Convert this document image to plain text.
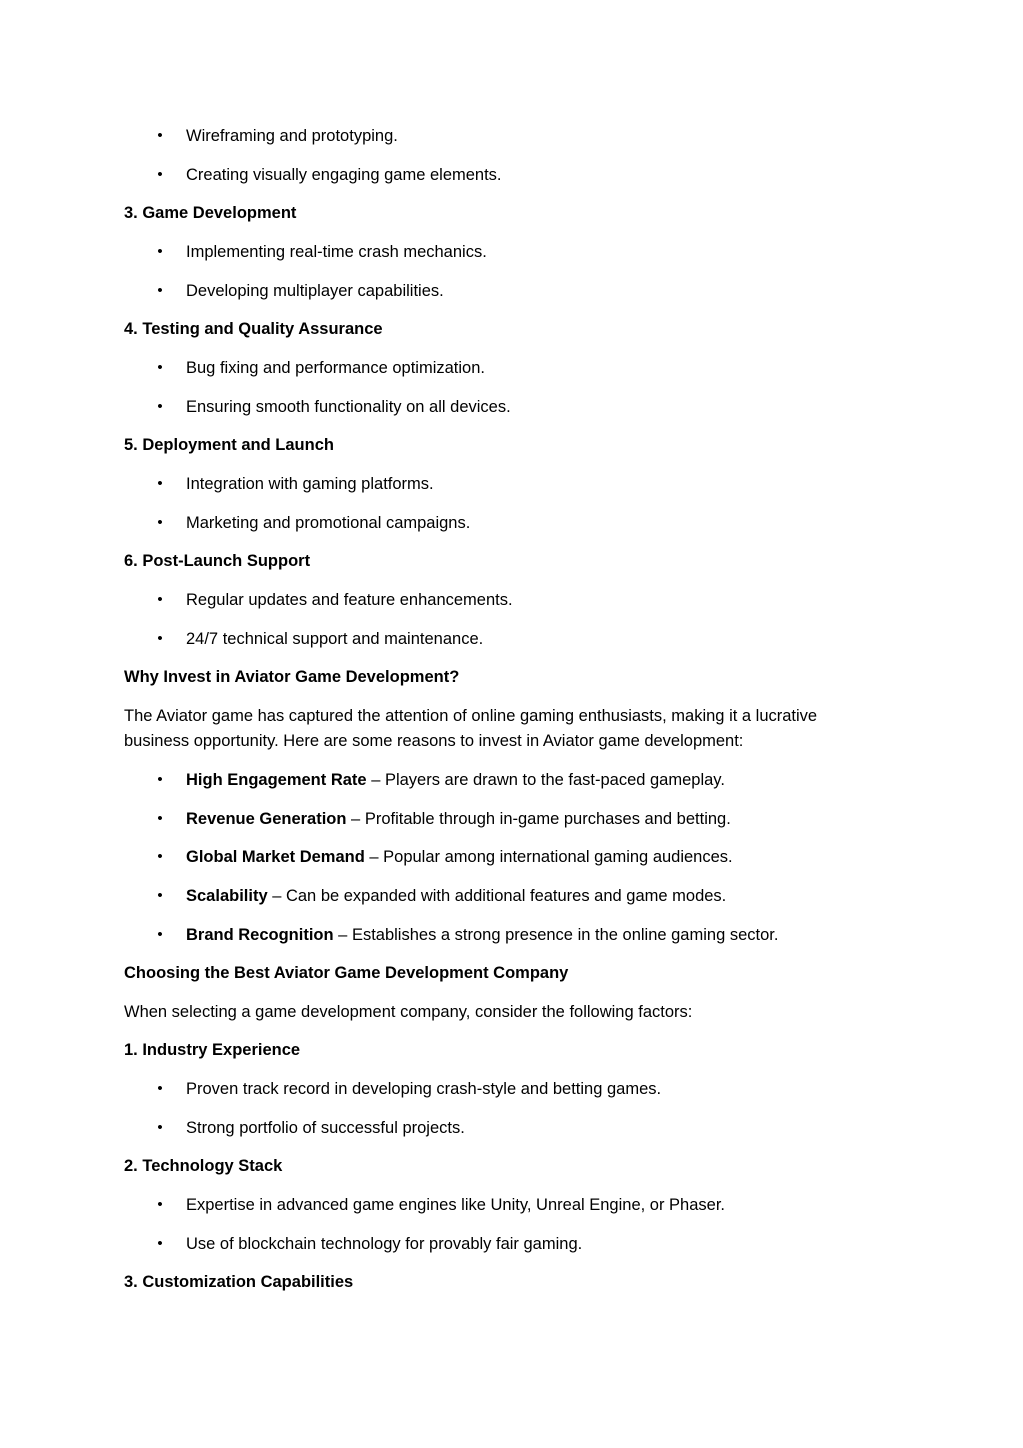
• Wireframing and prototyping.
• Creating visually engaging game elements.
3. Game Development
• Implementing real-time crash mechanics.
• Developing multiplayer capabilities.
4. Testing and Quality Assurance
• Bug fixing and performance optimization.
• Ensuring smooth functionality on all devices.
5. Deployment and Launch
• Integration with gaming platforms.
• Marketing and promotional campaigns.
6. Post-Launch Support
• Regular updates and feature enhancements.
• 24/7 technical support and maintenance.
Why Invest in Aviator Game Development?
The Aviator game has captured the attention of online gaming enthusiasts, making it a lucrative
business opportunity. Here are some reasons to invest in Aviator game development:
• High Engagement Rate – Players are drawn to the fast-paced gameplay.
• Revenue Generation – Profitable through in-game purchases and betting.
• Global Market Demand – Popular among international gaming audiences.
• Scalability – Can be expanded with additional features and game modes.
• Brand Recognition – Establishes a strong presence in the online gaming sector.
Choosing the Best Aviator Game Development Company
When selecting a game development company, consider the following factors:
1. Industry Experience
• Proven track record in developing crash-style and betting games.
• Strong portfolio of successful projects.
2. Technology Stack
• Expertise in advanced game engines like Unity, Unreal Engine, or Phaser.
• Use of blockchain technology for provably fair gaming.
3. Customization Capabilities
